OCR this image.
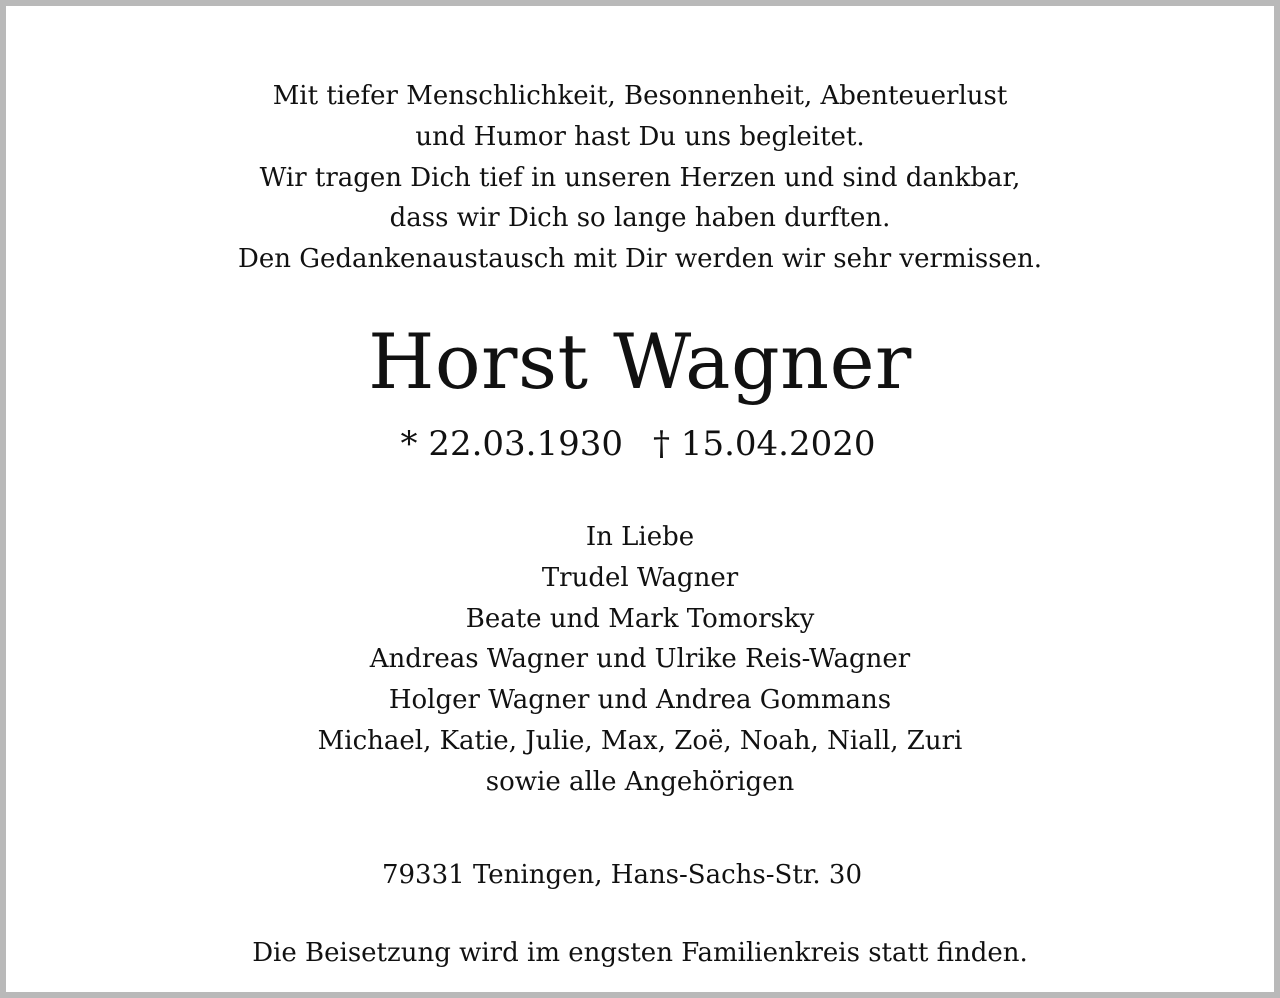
Mit tiefer Menschlichkeit, Besonnenheit, Abenteuerlust
und Humor hast Du uns begleitet.
Wir tragen Dich tief in unseren Herzen und sind dankbar,
dass wir Dich so lange haben durften.
Den Gedankenaustausch mit Dir werden wir sehr vermissen.

Horst Wagner

* 22.03.1930 † 15.04.2020

In Liebe
Trudel Wagner
Beate und Mark Tomorsky
Andreas Wagner und Ulrike Reis-Wagner
Holger Wagner und Andrea Gommans
Michael, Katie, Julie, Max, Zoë, Noah, Niall, Zuri
sowie alle Angehörigen

79331 Teningen, Hans-Sachs-Str. 30

Die Beisetzung wird im engsten Familienkreis statt finden.
